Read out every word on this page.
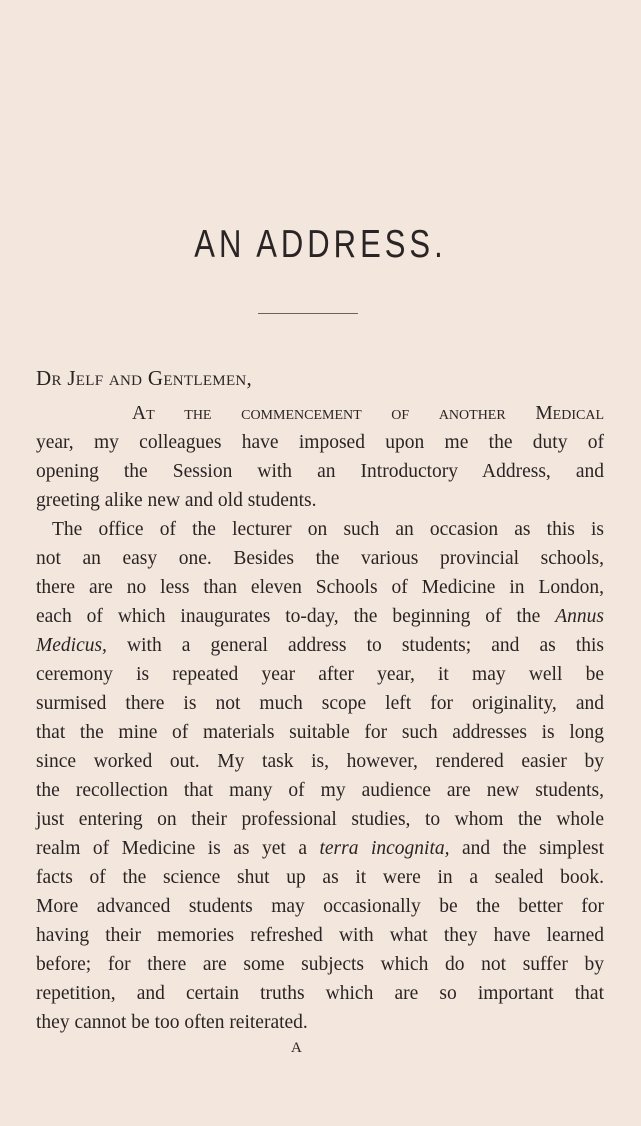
AN ADDRESS.
Dr Jelf and Gentlemen,
At the commencement of another Medical
year, my colleagues have imposed upon me the duty of
opening the Session with an Introductory Address, and
greeting alike new and old students.
The office of the lecturer on such an occasion as this is
not an easy one. Besides the various provincial schools,
there are no less than eleven Schools of Medicine in London,
each of which inaugurates to-day, the beginning of the Annus
Medicus, with a general address to students; and as this
ceremony is repeated year after year, it may well be
surmised there is not much scope left for originality, and
that the mine of materials suitable for such addresses is long
since worked out. My task is, however, rendered easier by
the recollection that many of my audience are new students,
just entering on their professional studies, to whom the whole
realm of Medicine is as yet a terra incognita, and the simplest
facts of the science shut up as it were in a sealed book.
More advanced students may occasionally be the better for
having their memories refreshed with what they have learned
before; for there are some subjects which do not suffer by
repetition, and certain truths which are so important that
they cannot be too often reiterated.
A
